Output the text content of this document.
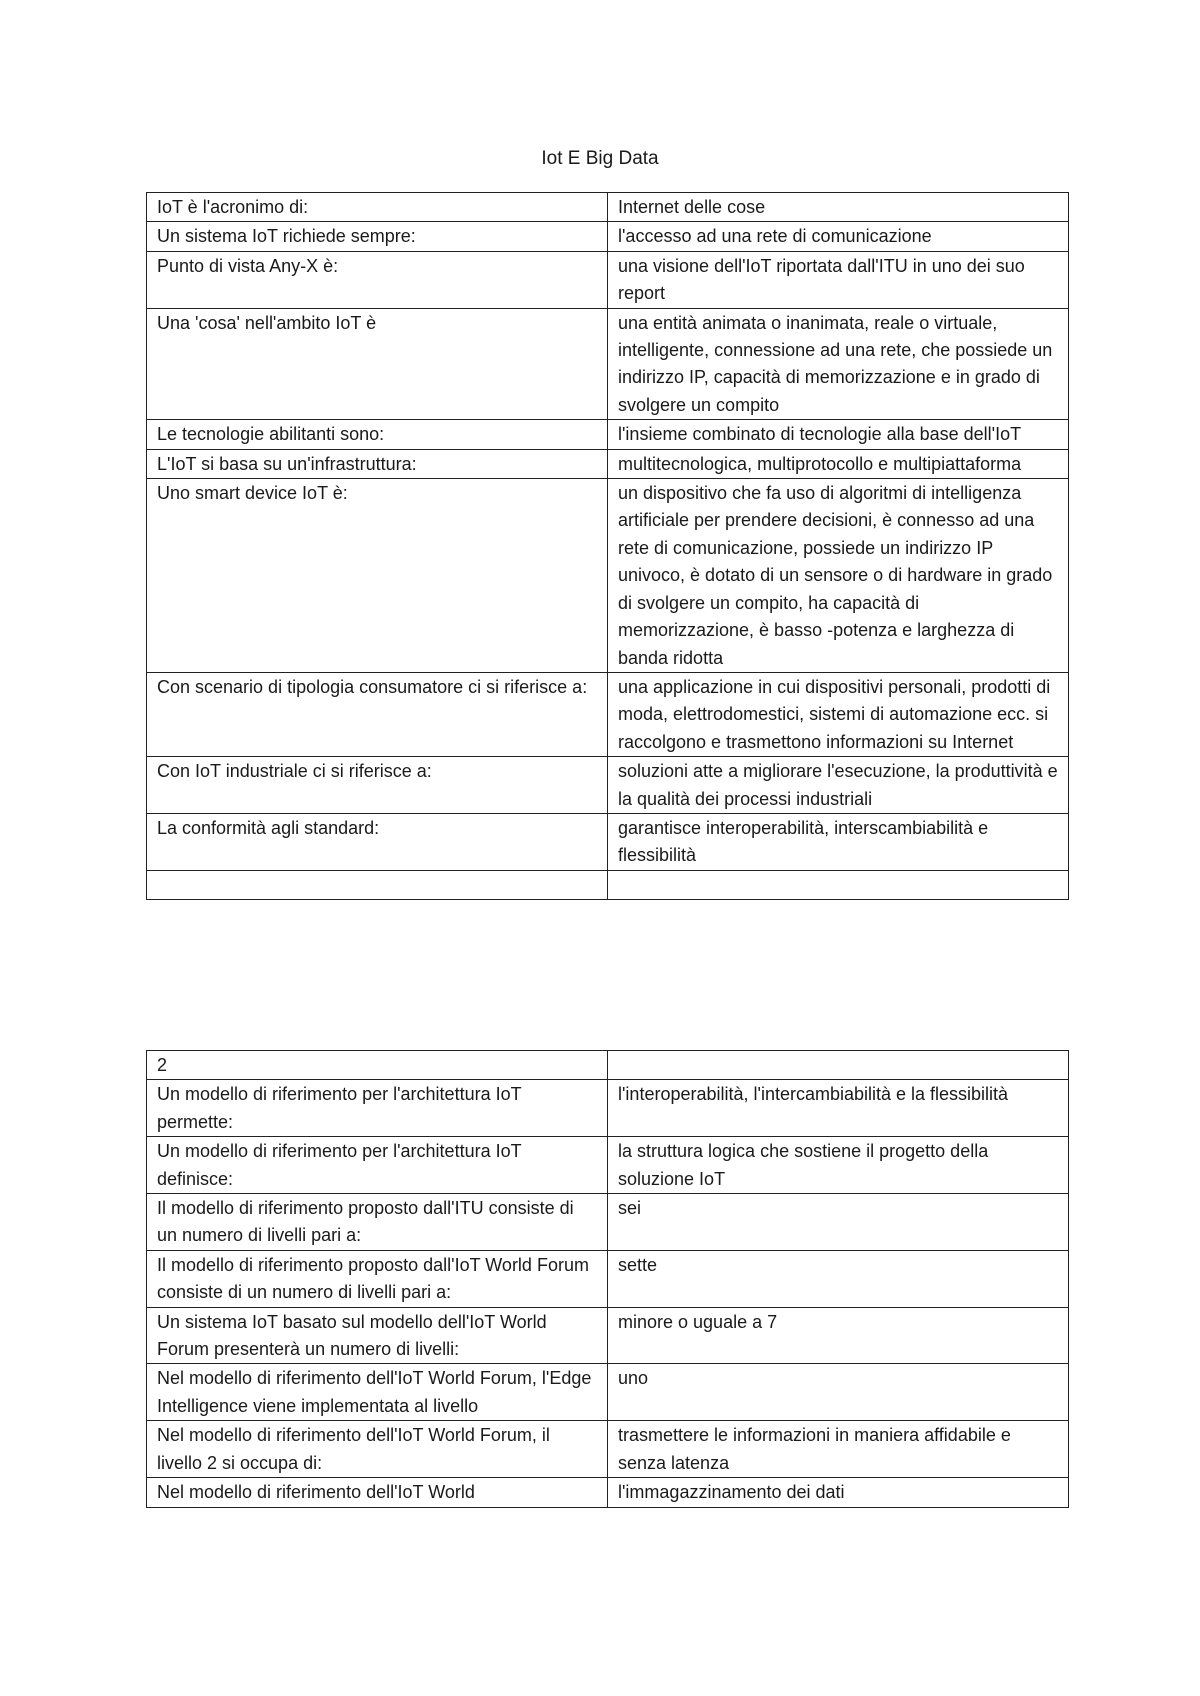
Iot E Big Data
IoT è l'acronimo di:	Internet delle cose
Un sistema IoT richiede sempre:	l'accesso ad una rete di comunicazione
Punto di vista Any-X è:	una visione dell'IoT riportata dall'ITU in uno dei suo report
Una 'cosa' nell'ambito IoT è	una entità animata o inanimata, reale o virtuale, intelligente, connessione ad una rete, che possiede un indirizzo IP, capacità di memorizzazione e in grado di svolgere un compito
Le tecnologie abilitanti sono:	l'insieme combinato di tecnologie alla base dell'IoT
L'IoT si basa su un'infrastruttura:	multitecnologica, multiprotocollo e multipiattaforma
Uno smart device IoT è:	un dispositivo che fa uso di algoritmi di intelligenza artificiale per prendere decisioni, è connesso ad una rete di comunicazione, possiede un indirizzo IP univoco, è dotato di un sensore o di hardware in grado di svolgere un compito, ha capacità di memorizzazione, è basso -potenza e larghezza di banda ridotta
Con scenario di tipologia consumatore ci si riferisce a:	una applicazione in cui dispositivi personali, prodotti di moda, elettrodomestici, sistemi di automazione ecc. si raccolgono e trasmettono informazioni su Internet
Con IoT industriale ci si riferisce a:	soluzioni atte a migliorare l'esecuzione, la produttività e la qualità dei processi industriali
La conformità agli standard:	garantisce interoperabilità, interscambiabilità e flessibilità

2	
Un modello di riferimento per l'architettura IoT permette:	l'interoperabilità, l'intercambiabilità e la flessibilità
Un modello di riferimento per l'architettura IoT definisce:	la struttura logica che sostiene il progetto della soluzione IoT
Il modello di riferimento proposto dall'ITU consiste di un numero di livelli pari a:	sei
Il modello di riferimento proposto dall'IoT World Forum consiste di un numero di livelli pari a:	sette
Un sistema IoT basato sul modello dell'IoT World Forum presenterà un numero di livelli:	minore o uguale a 7
Nel modello di riferimento dell'IoT World Forum, l'Edge Intelligence viene implementata al livello	uno
Nel modello di riferimento dell'IoT World Forum, il livello 2 si occupa di:	trasmettere le informazioni in maniera affidabile e senza latenza
Nel modello di riferimento dell'IoT World	l'immagazzinamento dei dati
